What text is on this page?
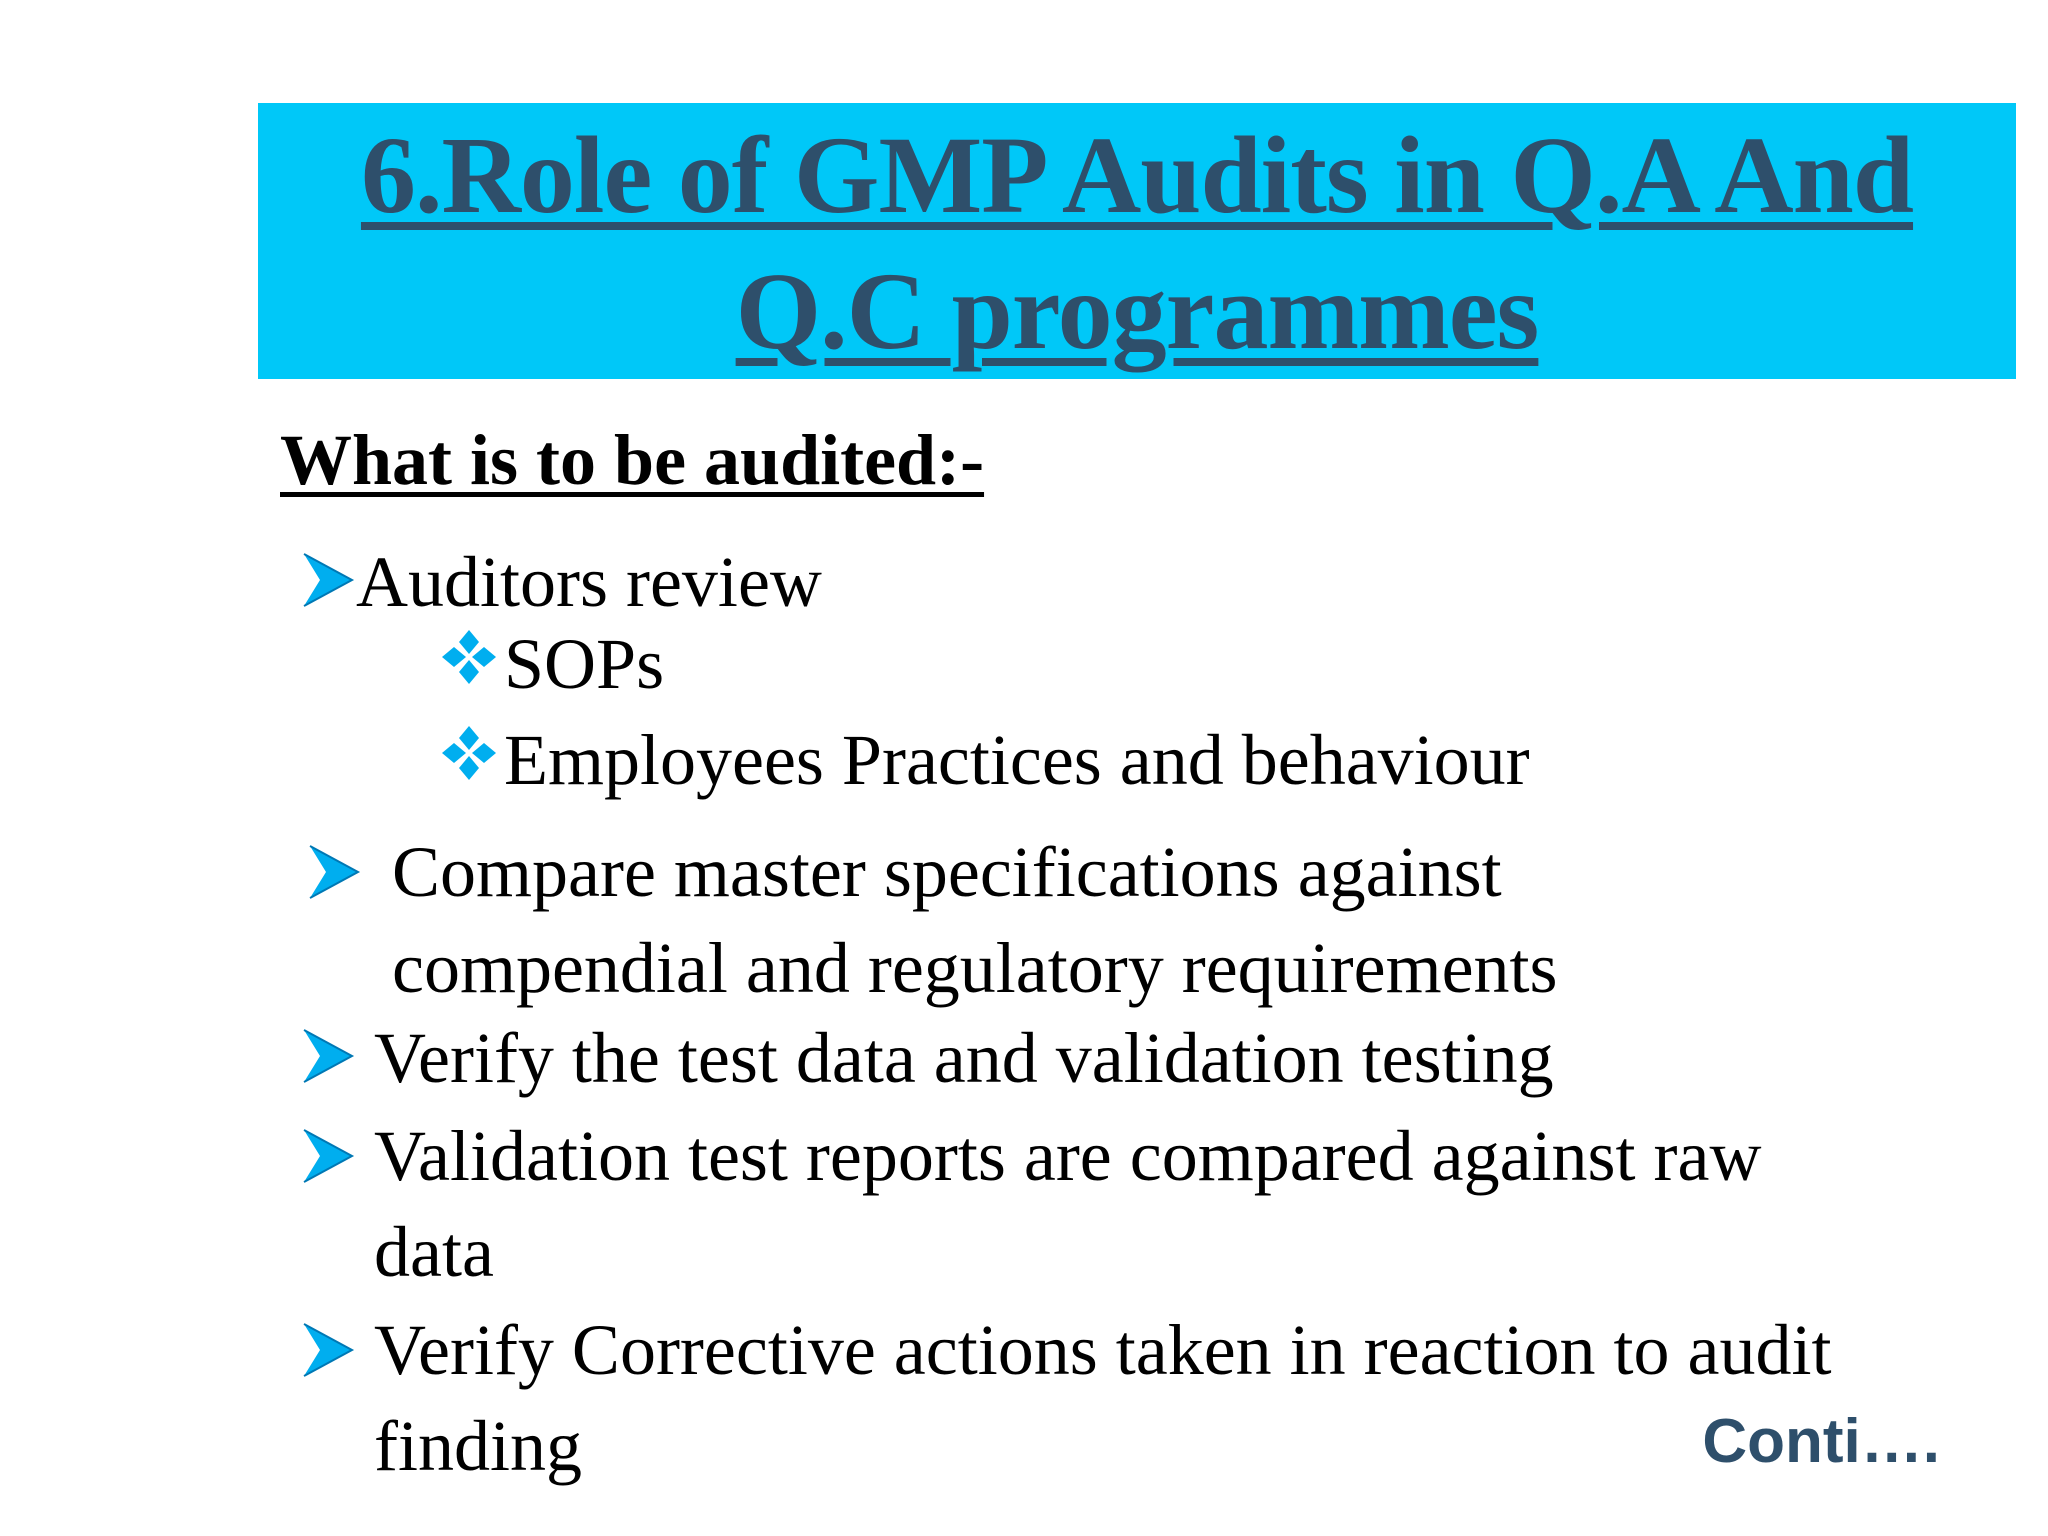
6.Role of GMP Audits in Q.A And
Q.C programmes
What is to be audited:-

Auditors review

SOPs

Employees Practices and behaviour

Compare master specifications against
compendial and regulatory requirements

Verify the test data and validation testing

Validation test reports are compared against raw
data
Verify Corrective actions taken in reaction to audit
finding	Conti….
